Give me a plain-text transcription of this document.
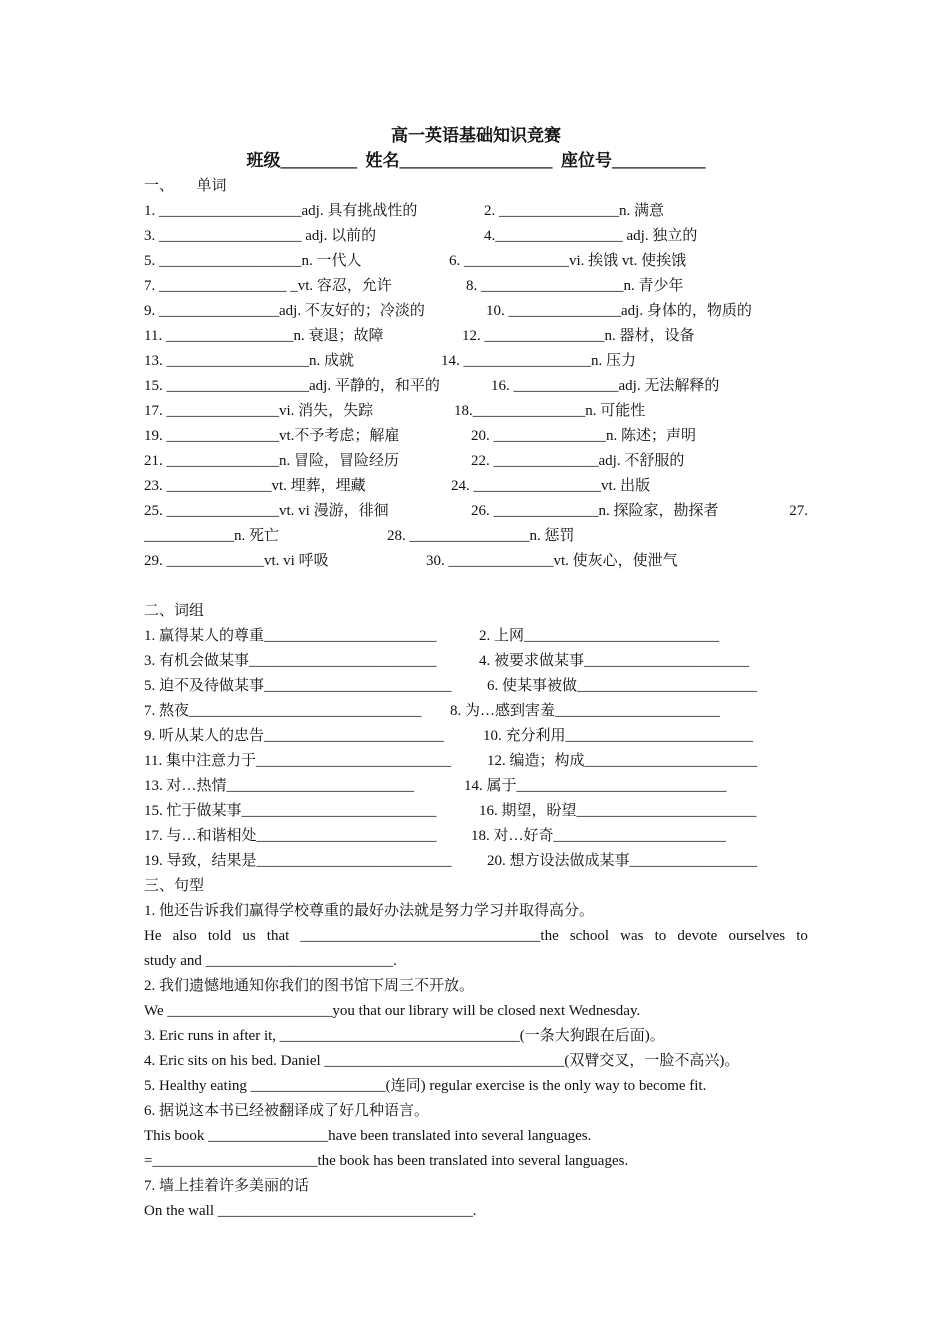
高一英语基础知识竞赛
班级_________  姓名__________________  座位号___________
一、      单词
1. ___________________adj. 具有挑战性的	2. ________________n. 满意
3. ___________________ adj. 以前的	4._________________ adj. 独立的
5. ___________________n. 一代人	6. ______________vi. 挨饿 vt. 使挨饿
7. _________________ _vt. 容忍，允许	8. ___________________n. 青少年
9. ________________adj. 不友好的；冷淡的	10. _______________adj. 身体的，物质的
11. _________________n. 衰退；故障	12. ________________n. 器材，设备
13. ___________________n. 成就	14. _________________n. 压力
15. ___________________adj. 平静的，和平的	16. ______________adj. 无法解释的
17. _______________vi. 消失，失踪	18._______________n. 可能性
19. _______________vt.不予考虑；解雇	20. _______________n. 陈述；声明
21. _______________n. 冒险，冒险经历	22. ______________adj. 不舒服的
23. ______________vt. 埋葬，埋藏	24. _________________vt. 出版
25. _______________vt. vi 漫游，徘徊	26. ______________n. 探险家，勘探者	27.
____________n. 死亡	28. ________________n. 惩罚
29. _____________vt. vi 呼吸	30. ______________vt. 使灰心，使泄气
二、词组
1. 赢得某人的尊重_______________________	2. 上网__________________________
3. 有机会做某事_________________________	4. 被要求做某事______________________
5. 迫不及待做某事_________________________ 6. 使某事被做________________________
7. 熬夜_______________________________ 8. 为…感到害羞______________________
9. 听从某人的忠告________________________	10. 充分利用_________________________
11. 集中注意力于__________________________ 12. 编造；构成_______________________
13. 对…热情_________________________	14. 属于____________________________
15. 忙于做某事__________________________	16. 期望，盼望________________________
17. 与…和谐相处________________________ 18. 对…好奇_______________________
19. 导致，结果是__________________________ 20. 想方设法做成某事_________________
三、句型
1. 他还告诉我们赢得学校尊重的最好办法就是努力学习并取得高分。
He also told us that ________________________________the school was to devote ourselves to
study and _________________________.
2. 我们遗憾地通知你我们的图书馆下周三不开放。
We ______________________you that our library will be closed next Wednesday.
3. Eric runs in after it, ________________________________(一条大狗跟在后面)。
4. Eric sits on his bed. Daniel ________________________________(双臂交叉，一脸不高兴)。
5. Healthy eating __________________(连同) regular exercise is the only way to become fit.
6. 据说这本书已经被翻译成了好几种语言。
This book ________________have been translated into several languages.
=______________________the book has been translated into several languages.
7. 墙上挂着许多美丽的话
On the wall __________________________________.
